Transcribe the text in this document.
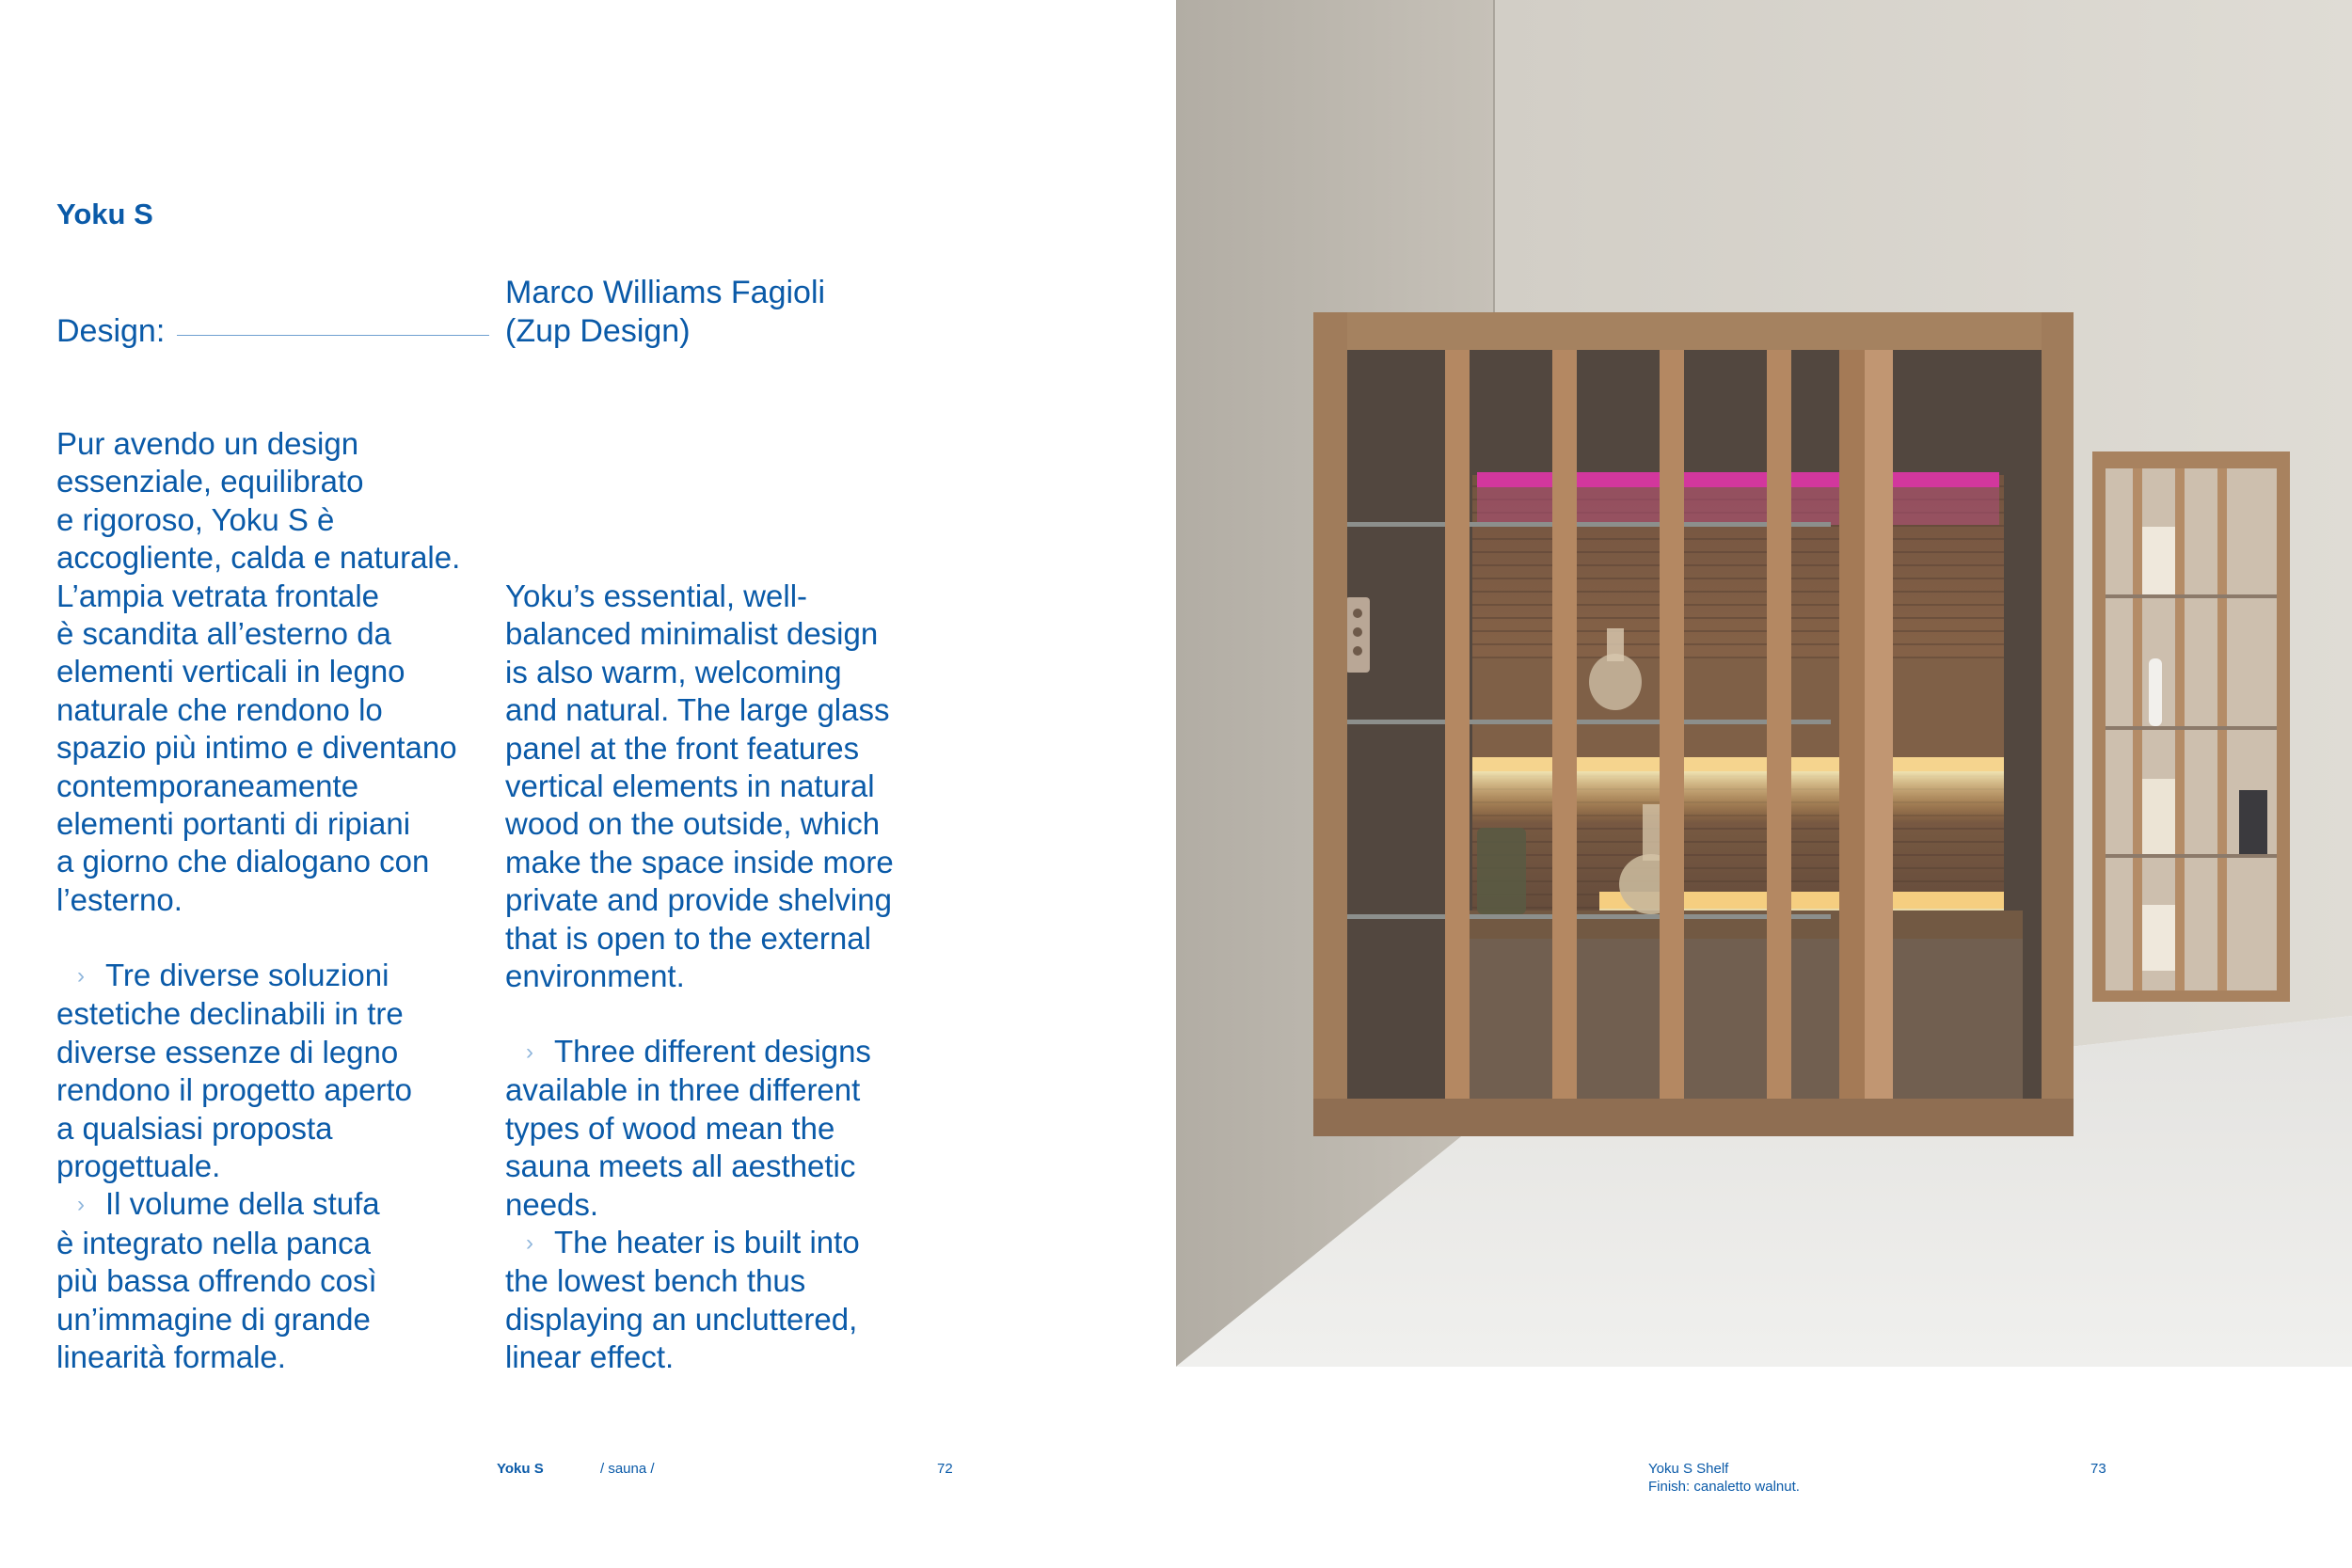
Yoku S
Design:
Marco Williams Fagioli
(Zup Design)
Pur avendo un design
essenziale, equilibrato
e rigoroso, Yoku S è
accogliente, calda e naturale.
L’ampia vetrata frontale
è scandita all’esterno da
elementi verticali in legno
naturale che rendono lo
spazio più intimo e diventano
contemporaneamente
elementi portanti di ripiani
a giorno che dialogano con
l’esterno.
› Tre diverse soluzioni
estetiche declinabili in tre
diverse essenze di legno
rendono il progetto aperto
a qualsiasi proposta
progettuale.
› Il volume della stufa
è integrato nella panca
più bassa offrendo così
un’immagine di grande
linearità formale.
Yoku’s essential, well-
balanced minimalist design
is also warm, welcoming
and natural. The large glass
panel at the front features
vertical elements in natural
wood on the outside, which
make the space inside more
private and provide shelving
that is open to the external
environment.
› Three different designs
available in three different
types of wood mean the
sauna meets all aesthetic
needs.
› The heater is built into
the lowest bench thus
displaying an uncluttered,
linear effect.
Yoku S	/ sauna /	72	Yoku S Shelf
Finish: canaletto walnut.
73
